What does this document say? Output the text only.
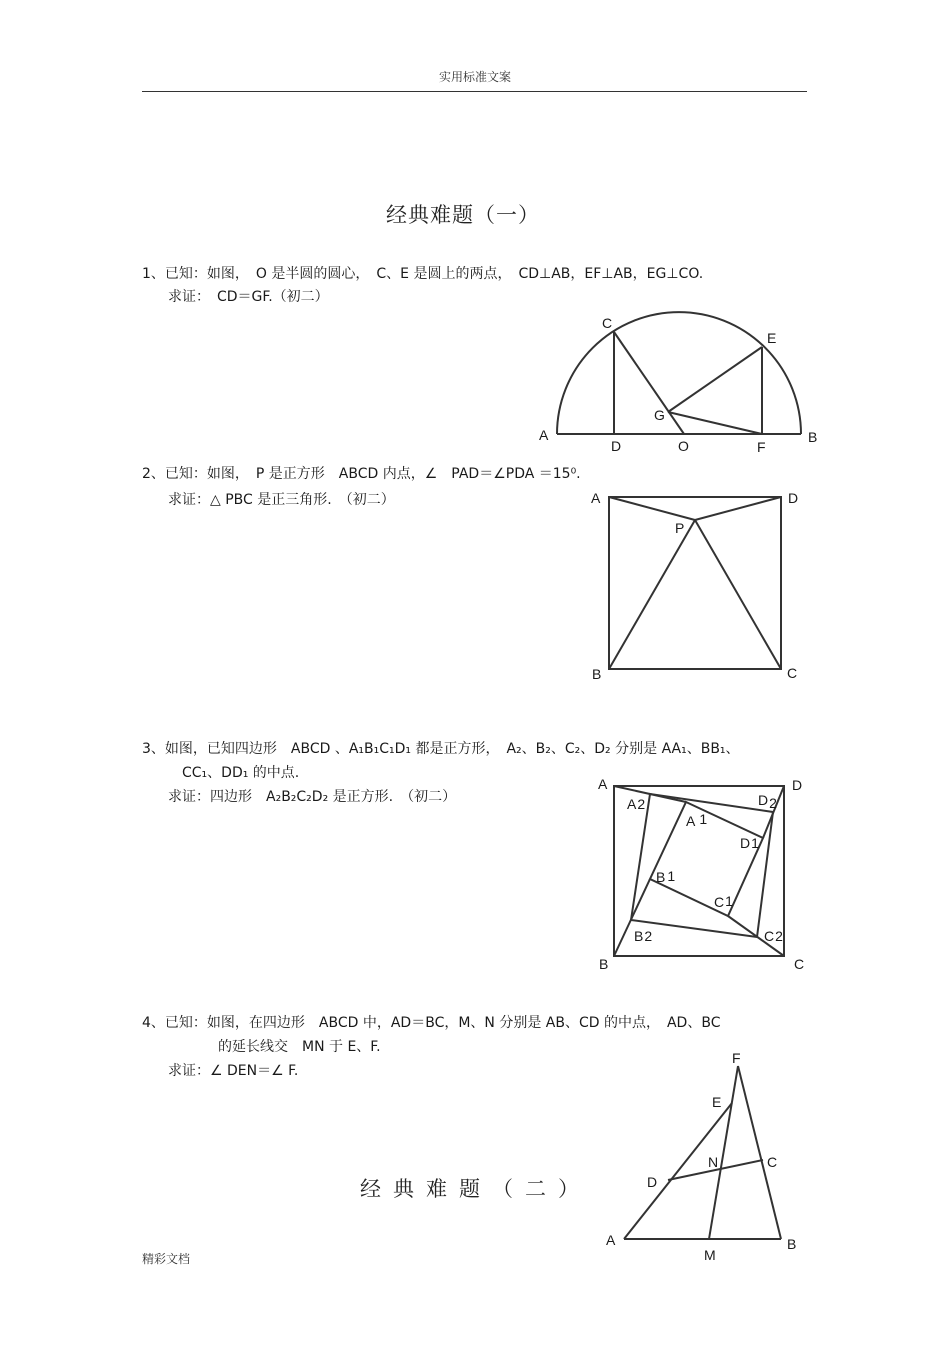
实用标准文案
经典难题（一）
1、已知：如图，　O 是半圆的圆心，　C、E 是圆上的两点，　CD⊥AB，EF⊥AB，EG⊥CO.
求证：　CD＝GF.（初二）
2、已知：如图，　P 是正方形　ABCD 内点，∠　PAD＝∠PDA ＝15⁰.
求证：△ PBC 是正三角形.　（初二）
3、如图，已知四边形　ABCD 、A₁B₁C₁D₁ 都是正方形，　A₂、B₂、C₂、D₂ 分别是 AA₁、BB₁、
CC₁、DD₁ 的中点.
求证：四边形　A₂B₂C₂D₂ 是正方形.　（初二）
4、已知：如图，在四边形　ABCD 中，AD＝BC，M、N 分别是 AB、CD 的中点，　AD、BC
的延长线交　MN 于 E、F.
求证：∠ DEN＝∠ F.
经典难题（二）
精彩文档
C
E
G
A
D	O	F
B
A	D
P
B	C
A	D
B	C
A2	D2
B2	C2
A 1
D1
B 1
C1
F
E
N	C
D
A
M
B
